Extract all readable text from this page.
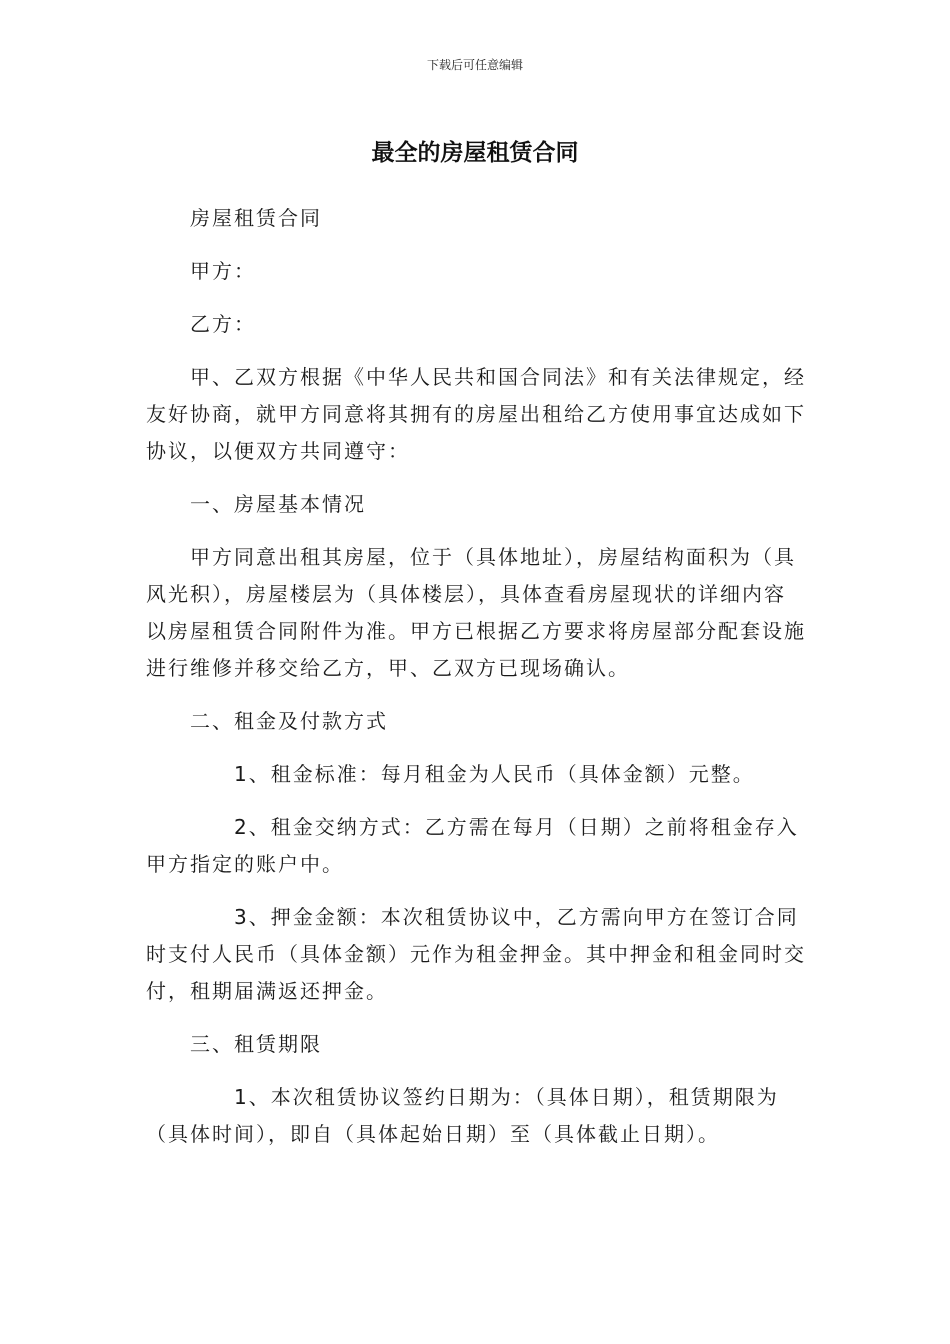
下载后可任意编辑
最全的房屋租赁合同

房屋租赁合同

甲方：

乙方：

甲、乙双方根据《中华人民共和国合同法》和有关法律规定，经友好协商，就甲方同意将其拥有的房屋出租给乙方使用事宜达成如下协议，以便双方共同遵守：

一、房屋基本情况

甲方同意出租其房屋，位于（具体地址），房屋结构面积为（具风光积），房屋楼层为（具体楼层），具体查看房屋现状的详细内容以房屋租赁合同附件为准。甲方已根据乙方要求将房屋部分配套设施进行维修并移交给乙方，甲、乙双方已现场确认。

二、租金及付款方式

1、租金标准：每月租金为人民币（具体金额）元整。

2、租金交纳方式：乙方需在每月（日期）之前将租金存入甲方指定的账户中。

3、押金金额：本次租赁协议中，乙方需向甲方在签订合同时支付人民币（具体金额）元作为租金押金。其中押金和租金同时交付，租期届满返还押金。

三、租赁期限

1、本次租赁协议签约日期为：（具体日期），租赁期限为（具体时间），即自（具体起始日期）至（具体截止日期）。
